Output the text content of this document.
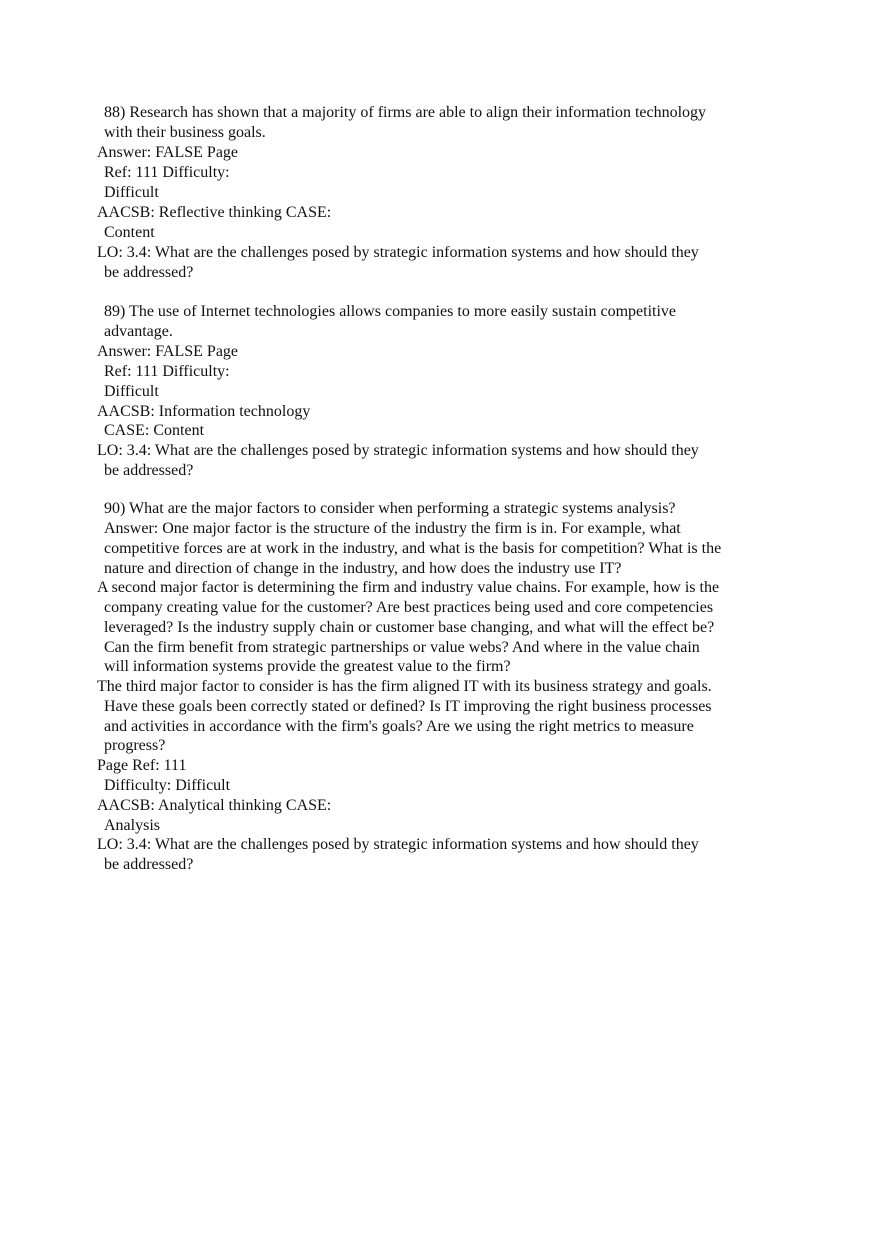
88) Research has shown that a majority of firms are able to align their information technology
with their business goals.
Answer: FALSE Page
Ref: 111 Difficulty:
Difficult
AACSB: Reflective thinking CASE:
Content
LO: 3.4: What are the challenges posed by strategic information systems and how should they
be addressed?
89) The use of Internet technologies allows companies to more easily sustain competitive
advantage.
Answer: FALSE Page
Ref: 111 Difficulty:
Difficult
AACSB: Information technology
CASE: Content
LO: 3.4: What are the challenges posed by strategic information systems and how should they
be addressed?
90) What are the major factors to consider when performing a strategic systems analysis?
Answer: One major factor is the structure of the industry the firm is in. For example, what
competitive forces are at work in the industry, and what is the basis for competition? What is the
nature and direction of change in the industry, and how does the industry use IT?
A second major factor is determining the firm and industry value chains. For example, how is the
company creating value for the customer? Are best practices being used and core competencies
leveraged? Is the industry supply chain or customer base changing, and what will the effect be?
Can the firm benefit from strategic partnerships or value webs? And where in the value chain
will information systems provide the greatest value to the firm?
The third major factor to consider is has the firm aligned IT with its business strategy and goals.
Have these goals been correctly stated or defined? Is IT improving the right business processes
and activities in accordance with the firm's goals? Are we using the right metrics to measure
progress?
Page Ref: 111
Difficulty: Difficult
AACSB: Analytical thinking CASE:
Analysis
LO: 3.4: What are the challenges posed by strategic information systems and how should they
be addressed?
